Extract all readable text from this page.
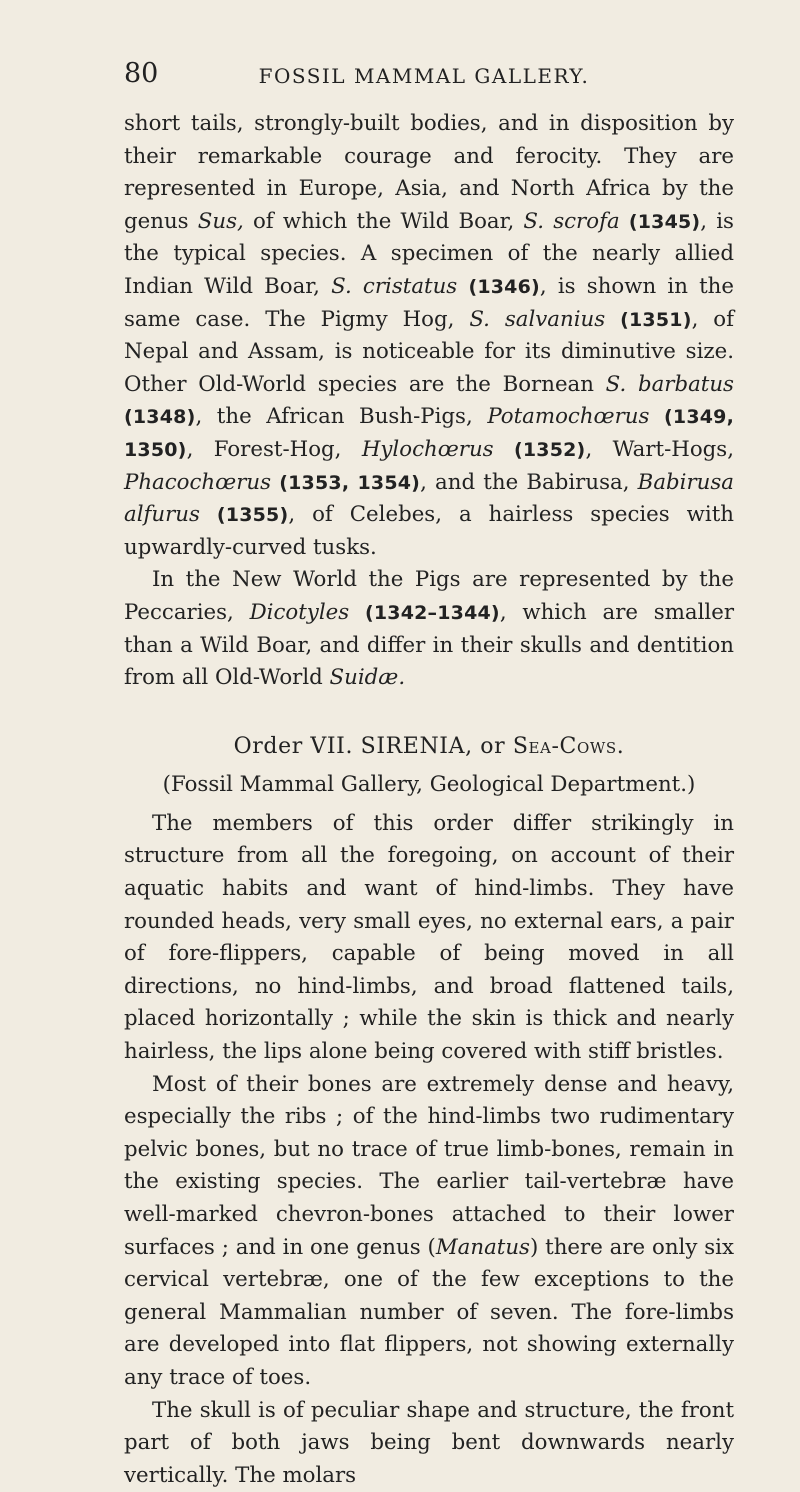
80	FOSSIL MAMMAL GALLERY.

short tails, strongly-built bodies, and in disposition by their remarkable courage and ferocity. They are represented in Europe, Asia, and North Africa by the genus Sus, of which the Wild Boar, S. scrofa (1345), is the typical species. A specimen of the nearly allied Indian Wild Boar, S. cristatus (1346), is shown in the same case. The Pigmy Hog, S. salvanius (1351), of Nepal and Assam, is noticeable for its diminutive size. Other Old-World species are the Bornean S. barbatus (1348), the African Bush-Pigs, Potamochœrus (1349, 1350), Forest-Hog, Hylochœrus (1352), Wart-Hogs, Phacochœrus (1353, 1354), and the Babirusa, Babirusa alfurus (1355), of Celebes, a hairless species with upwardly-curved tusks.

In the New World the Pigs are represented by the Peccaries, Dicotyles (1342–1344), which are smaller than a Wild Boar, and differ in their skulls and dentition from all Old-World Suidæ.

Order VII. SIRENIA, or Sea-Cows.
(Fossil Mammal Gallery, Geological Department.)

The members of this order differ strikingly in structure from all the foregoing, on account of their aquatic habits and want of hind-limbs. They have rounded heads, very small eyes, no external ears, a pair of fore-flippers, capable of being moved in all directions, no hind-limbs, and broad flattened tails, placed horizontally ; while the skin is thick and nearly hairless, the lips alone being covered with stiff bristles.

Most of their bones are extremely dense and heavy, especially the ribs ; of the hind-limbs two rudimentary pelvic bones, but no trace of true limb-bones, remain in the existing species. The earlier tail-vertebræ have well-marked chevron-bones attached to their lower surfaces ; and in one genus (Manatus) there are only six cervical vertebræ, one of the few exceptions to the general Mammalian number of seven. The fore-limbs are developed into flat flippers, not showing externally any trace of toes.

The skull is of peculiar shape and structure, the front part of both jaws being bent downwards nearly vertically. The molars
